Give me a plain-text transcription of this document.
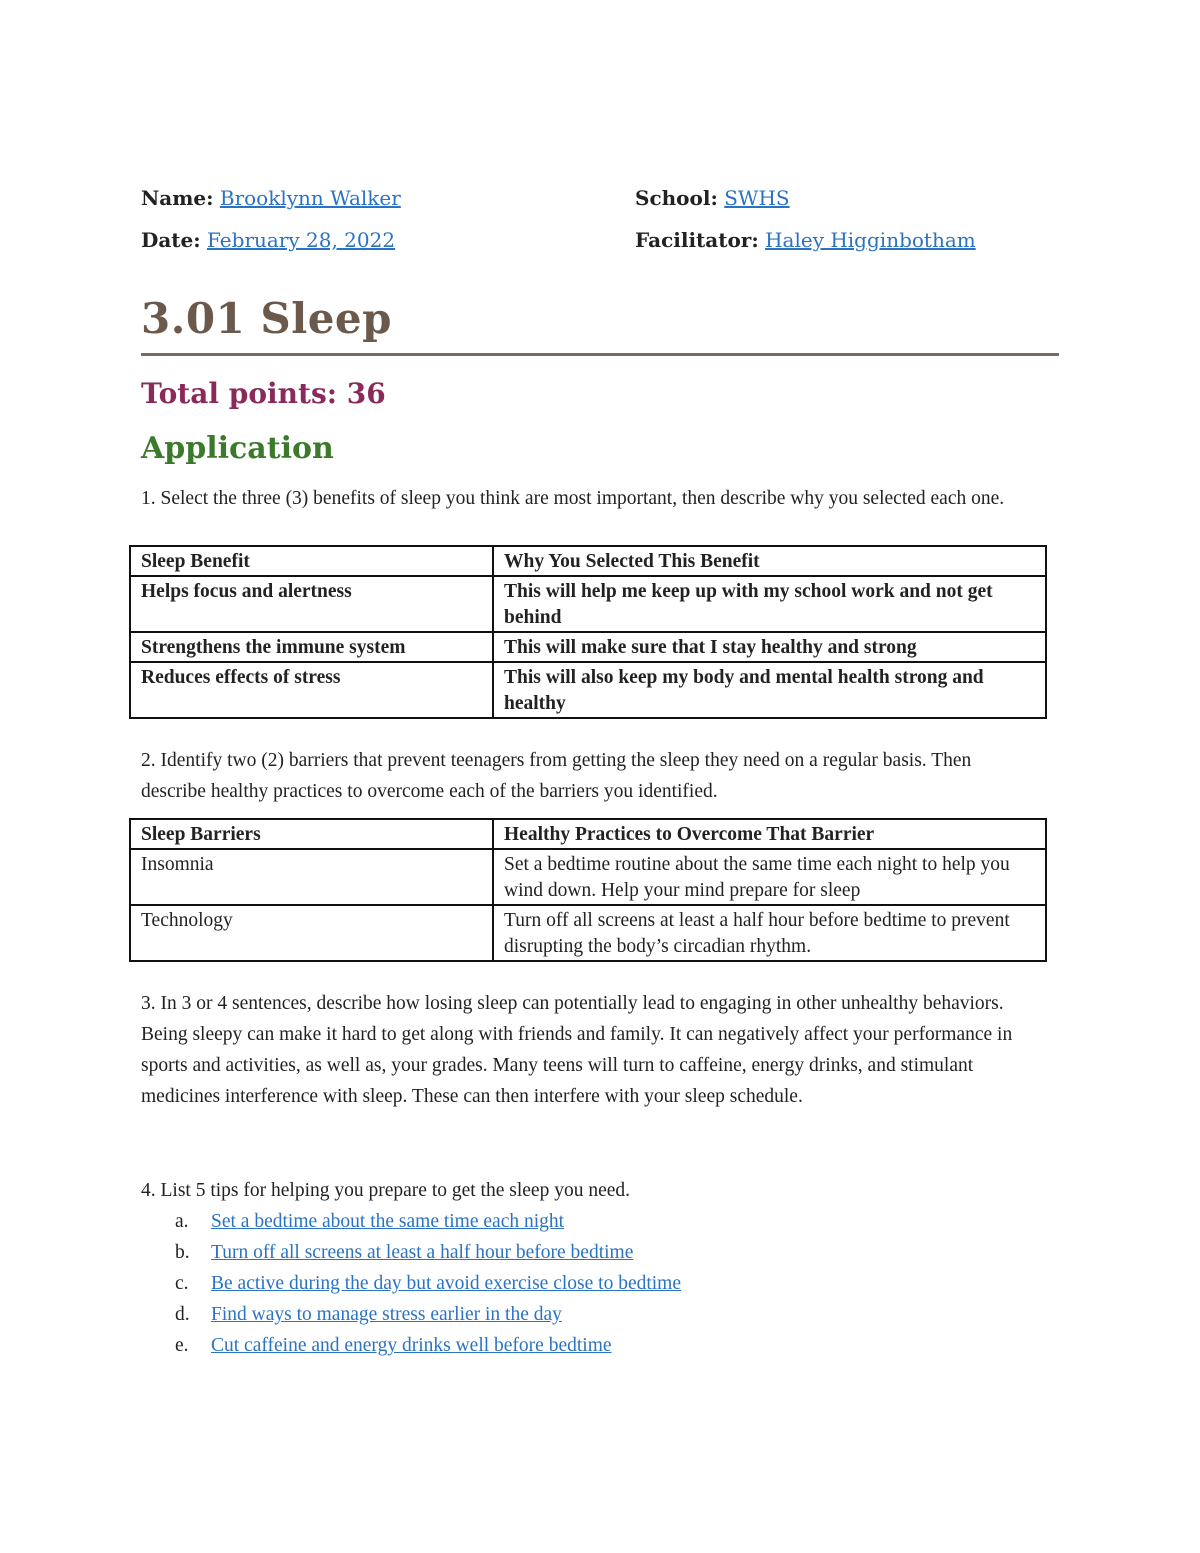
Name: Brooklynn Walker	School: SWHS
Date: February 28, 2022	Facilitator: Haley Higginbotham
3.01 Sleep
Total points: 36
Application
1. Select the three (3) benefits of sleep you think are most important, then describe why you selected each one.
Sleep Benefit	Why You Selected This Benefit
Helps focus and alertness	This will help me keep up with my school work and not get behind
Strengthens the immune system	This will make sure that I stay healthy and strong
Reduces effects of stress	This will also keep my body and mental health strong and healthy
2. Identify two (2) barriers that prevent teenagers from getting the sleep they need on a regular basis. Then describe healthy practices to overcome each of the barriers you identified.
Sleep Barriers	Healthy Practices to Overcome That Barrier
Insomnia	Set a bedtime routine about the same time each night to help you wind down. Help your mind prepare for sleep
Technology	Turn off all screens at least a half hour before bedtime to prevent disrupting the body’s circadian rhythm.
3. In 3 or 4 sentences, describe how losing sleep can potentially lead to engaging in other unhealthy behaviors. Being sleepy can make it hard to get along with friends and family. It can negatively affect your performance in sports and activities, as well as, your grades. Many teens will turn to caffeine, energy drinks, and stimulant medicines interference with sleep. These can then interfere with your sleep schedule.
4. List 5 tips for helping you prepare to get the sleep you need.
a. Set a bedtime about the same time each night
b. Turn off all screens at least a half hour before bedtime
c. Be active during the day but avoid exercise close to bedtime
d. Find ways to manage stress earlier in the day
e. Cut caffeine and energy drinks well before bedtime
